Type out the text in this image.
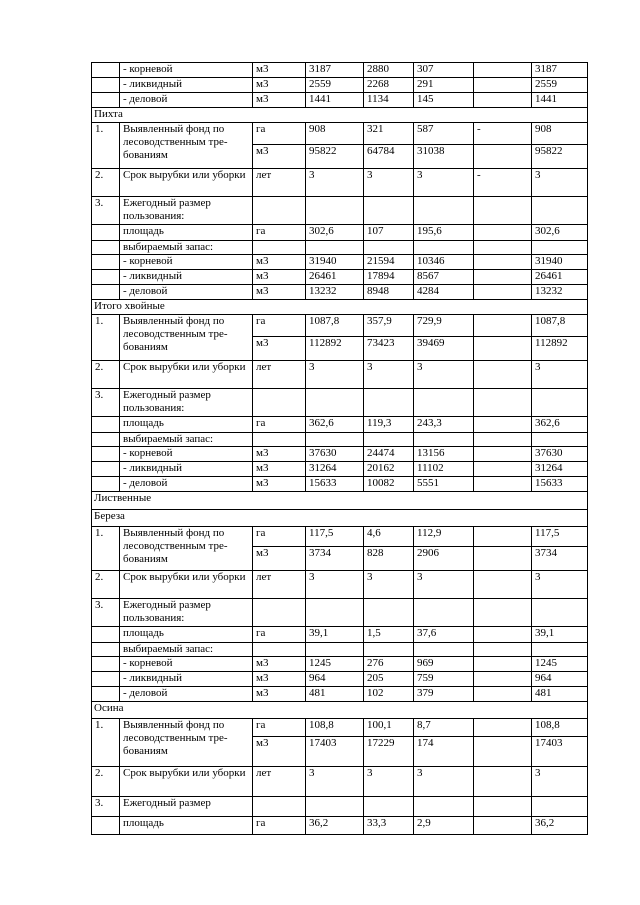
	- корневой	м3	3187	2880	307		3187
	- ликвидный	м3	2559	2268	291		2559
	- деловой	м3	1441	1134	145		1441
Пихта							
1.	Выявленный фонд по лесоводственным тре-бованиям	га	908	321	587	-	908
		м3	95822	64784	31038		95822
2.	Срок вырубки или уборки	лет	3	3	3	-	3
3.	Ежегодный размер пользования:						
	площадь	га	302,6	107	195,6		302,6
	выбираемый запас:						
	- корневой	м3	31940	21594	10346		31940
	- ликвидный	м3	26461	17894	8567		26461
	- деловой	м3	13232	8948	4284		13232
Итого хвойные							
1.	Выявленный фонд по лесоводственным тре-бованиям	га	1087,8	357,9	729,9		1087,8
		м3	112892	73423	39469		112892
2.	Срок вырубки или уборки	лет	3	3	3		3
3.	Ежегодный размер пользования:						
	площадь	га	362,6	119,3	243,3		362,6
	выбираемый запас:						
	- корневой	м3	37630	24474	13156		37630
	- ликвидный	м3	31264	20162	11102		31264
	- деловой	м3	15633	10082	5551		15633
Лиственные							
Береза							
1.	Выявленный фонд по лесоводственным тре-бованиям	га	117,5	4,6	112,9		117,5
		м3	3734	828	2906		3734
2.	Срок вырубки или уборки	лет	3	3	3		3
3.	Ежегодный размер пользования:						
	площадь	га	39,1	1,5	37,6		39,1
	выбираемый запас:						
	- корневой	м3	1245	276	969		1245
	- ликвидный	м3	964	205	759		964
	- деловой	м3	481	102	379		481
Осина							
1.	Выявленный фонд по лесоводственным тре-бованиям	га	108,8	100,1	8,7		108,8
		м3	17403	17229	174		17403
2.	Срок вырубки или уборки	лет	3	3	3		3
3.	Ежегодный размер						
	площадь	га	36,2	33,3	2,9		36,2
